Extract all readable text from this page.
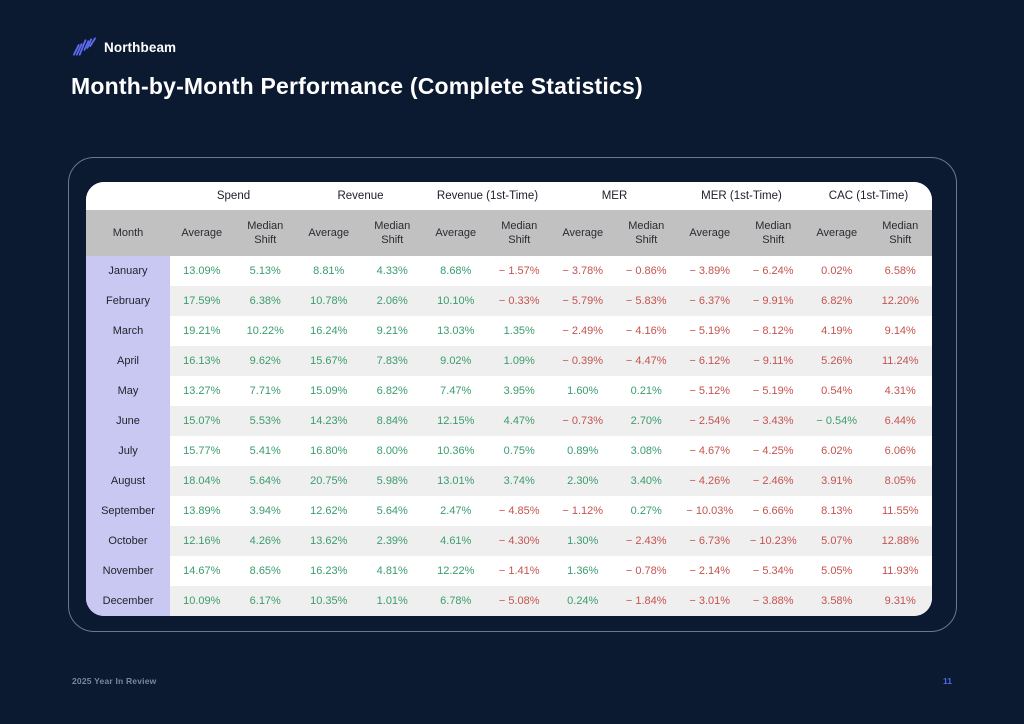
Northbeam
Month-by-Month Performance (Complete Statistics)
	Spend		Revenue		Revenue (1st-Time)		MER		MER (1st-Time)		CAC (1st-Time)	
Month	Average	Median Shift	Average	Median Shift	Average	Median Shift	Average	Median Shift	Average	Median Shift	Average	Median Shift
January	13.09%	5.13%	8.81%	4.33%	8.68%	− 1.57%	− 3.78%	− 0.86%	− 3.89%	− 6.24%	0.02%	6.58%
February	17.59%	6.38%	10.78%	2.06%	10.10%	− 0.33%	− 5.79%	− 5.83%	− 6.37%	− 9.91%	6.82%	12.20%
March	19.21%	10.22%	16.24%	9.21%	13.03%	1.35%	− 2.49%	− 4.16%	− 5.19%	− 8.12%	4.19%	9.14%
April	16.13%	9.62%	15.67%	7.83%	9.02%	1.09%	− 0.39%	− 4.47%	− 6.12%	− 9.11%	5.26%	11.24%
May	13.27%	7.71%	15.09%	6.82%	7.47%	3.95%	1.60%	0.21%	− 5.12%	− 5.19%	0.54%	4.31%
June	15.07%	5.53%	14.23%	8.84%	12.15%	4.47%	− 0.73%	2.70%	− 2.54%	− 3.43%	− 0.54%	6.44%
July	15.77%	5.41%	16.80%	8.00%	10.36%	0.75%	0.89%	3.08%	− 4.67%	− 4.25%	6.02%	6.06%
August	18.04%	5.64%	20.75%	5.98%	13.01%	3.74%	2.30%	3.40%	− 4.26%	− 2.46%	3.91%	8.05%
September	13.89%	3.94%	12.62%	5.64%	2.47%	− 4.85%	− 1.12%	0.27%	− 10.03%	− 6.66%	8.13%	11.55%
October	12.16%	4.26%	13.62%	2.39%	4.61%	− 4.30%	1.30%	− 2.43%	− 6.73%	− 10.23%	5.07%	12.88%
November	14.67%	8.65%	16.23%	4.81%	12.22%	− 1.41%	1.36%	− 0.78%	− 2.14%	− 5.34%	5.05%	11.93%
December	10.09%	6.17%	10.35%	1.01%	6.78%	− 5.08%	0.24%	− 1.84%	− 3.01%	− 3.88%	3.58%	9.31%
2025 Year In Review	11
